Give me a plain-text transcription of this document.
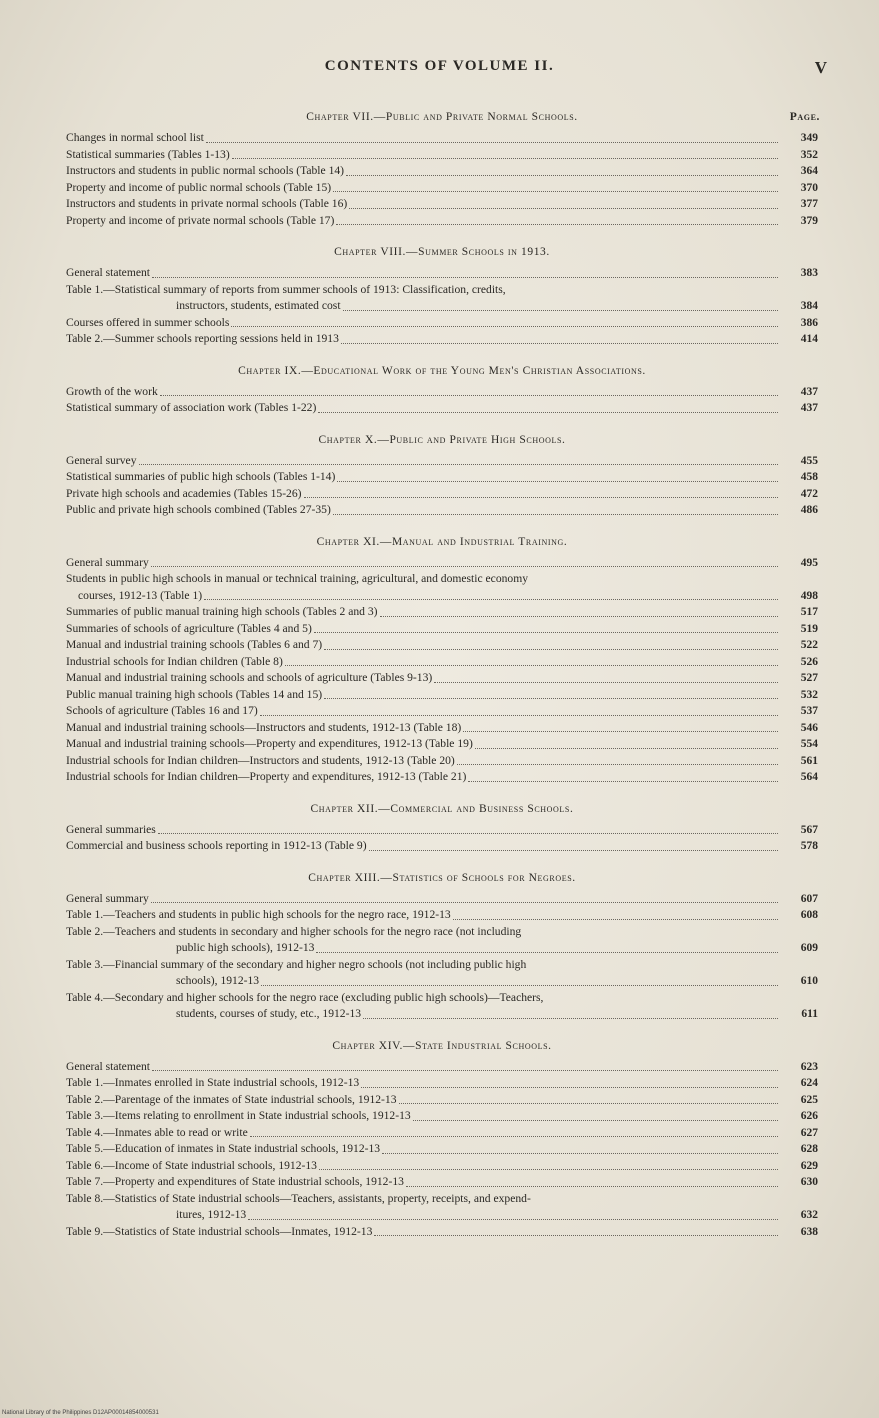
CONTENTS OF VOLUME II.	V
Chapter VII.—Public and Private Normal Schools.	Page.
Changes in normal school list	349
Statistical summaries (Tables 1-13)	352
Instructors and students in public normal schools (Table 14)	364
Property and income of public normal schools (Table 15)	370
Instructors and students in private normal schools (Table 16)	377
Property and income of private normal schools (Table 17)	379
Chapter VIII.—Summer Schools in 1913.
General statement	383
Table 1.—Statistical summary of reports from summer schools of 1913: Classification, credits,
instructors, students, estimated cost	384
Courses offered in summer schools	386
Table 2.—Summer schools reporting sessions held in 1913	414
Chapter IX.—Educational Work of the Young Men's Christian Associations.
Growth of the work	437
Statistical summary of association work (Tables 1-22)	437
Chapter X.—Public and Private High Schools.
General survey	455
Statistical summaries of public high schools (Tables 1-14)	458
Private high schools and academies (Tables 15-26)	472
Public and private high schools combined (Tables 27-35)	486
Chapter XI.—Manual and Industrial Training.
General summary	495
Students in public high schools in manual or technical training, agricultural, and domestic economy
courses, 1912-13 (Table 1)	498
Summaries of public manual training high schools (Tables 2 and 3)	517
Summaries of schools of agriculture (Tables 4 and 5)	519
Manual and industrial training schools (Tables 6 and 7)	522
Industrial schools for Indian children (Table 8)	526
Manual and industrial training schools and schools of agriculture (Tables 9-13)	527
Public manual training high schools (Tables 14 and 15)	532
Schools of agriculture (Tables 16 and 17)	537
Manual and industrial training schools—Instructors and students, 1912-13 (Table 18)	546
Manual and industrial training schools—Property and expenditures, 1912-13 (Table 19)	554
Industrial schools for Indian children—Instructors and students, 1912-13 (Table 20)	561
Industrial schools for Indian children—Property and expenditures, 1912-13 (Table 21)	564
Chapter XII.—Commercial and Business Schools.
General summaries	567
Commercial and business schools reporting in 1912-13 (Table 9)	578
Chapter XIII.—Statistics of Schools for Negroes.
General summary	607
Table 1.—Teachers and students in public high schools for the negro race, 1912-13	608
Table 2.—Teachers and students in secondary and higher schools for the negro race (not including
public high schools), 1912-13	609
Table 3.—Financial summary of the secondary and higher negro schools (not including public high
schools), 1912-13	610
Table 4.—Secondary and higher schools for the negro race (excluding public high schools)—Teachers,
students, courses of study, etc., 1912-13	611
Chapter XIV.—State Industrial Schools.
General statement	623
Table 1.—Inmates enrolled in State industrial schools, 1912-13	624
Table 2.—Parentage of the inmates of State industrial schools, 1912-13	625
Table 3.—Items relating to enrollment in State industrial schools, 1912-13	626
Table 4.—Inmates able to read or write	627
Table 5.—Education of inmates in State industrial schools, 1912-13	628
Table 6.—Income of State industrial schools, 1912-13	629
Table 7.—Property and expenditures of State industrial schools, 1912-13	630
Table 8.—Statistics of State industrial schools—Teachers, assistants, property, receipts, and expend-
itures, 1912-13	632
Table 9.—Statistics of State industrial schools—Inmates, 1912-13	638
National Library of the Philippines D12AP00014854000531
